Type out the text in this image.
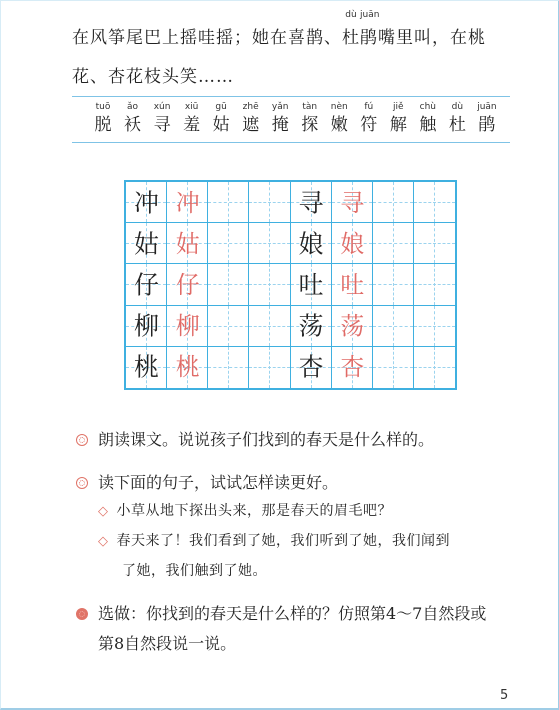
在风筝尾巴上摇哇摇；她在喜鹊、
dù
杜
juān
鹃嘴里叫，在桃
花、杏花枝头笑……
tuō
脱
ǎo
袄
xún
寻
xiū
羞
gū
姑
zhē
遮
yǎn
掩
tàn
探
nèn
嫩
fú
符
jiě
解
chù
触
dù
杜
juān
鹃
冲 冲
姑 姑
仔 仔
柳 柳
桃 桃
寻 寻
娘 娘
吐 吐
荡 荡
杏 杏
朗读课文。说说孩子们找到的春天是什么样的。
读下面的句子，试试怎样读更好。
◇ 小草从地下探出头来，那是春天的眉毛吧？
◇ 春天来了！我们看到了她，我们听到了她，我们闻到
了她，我们触到了她。
选做：你找到的春天是什么样的？仿照第4～7自然段或
第8自然段说一说。
5
